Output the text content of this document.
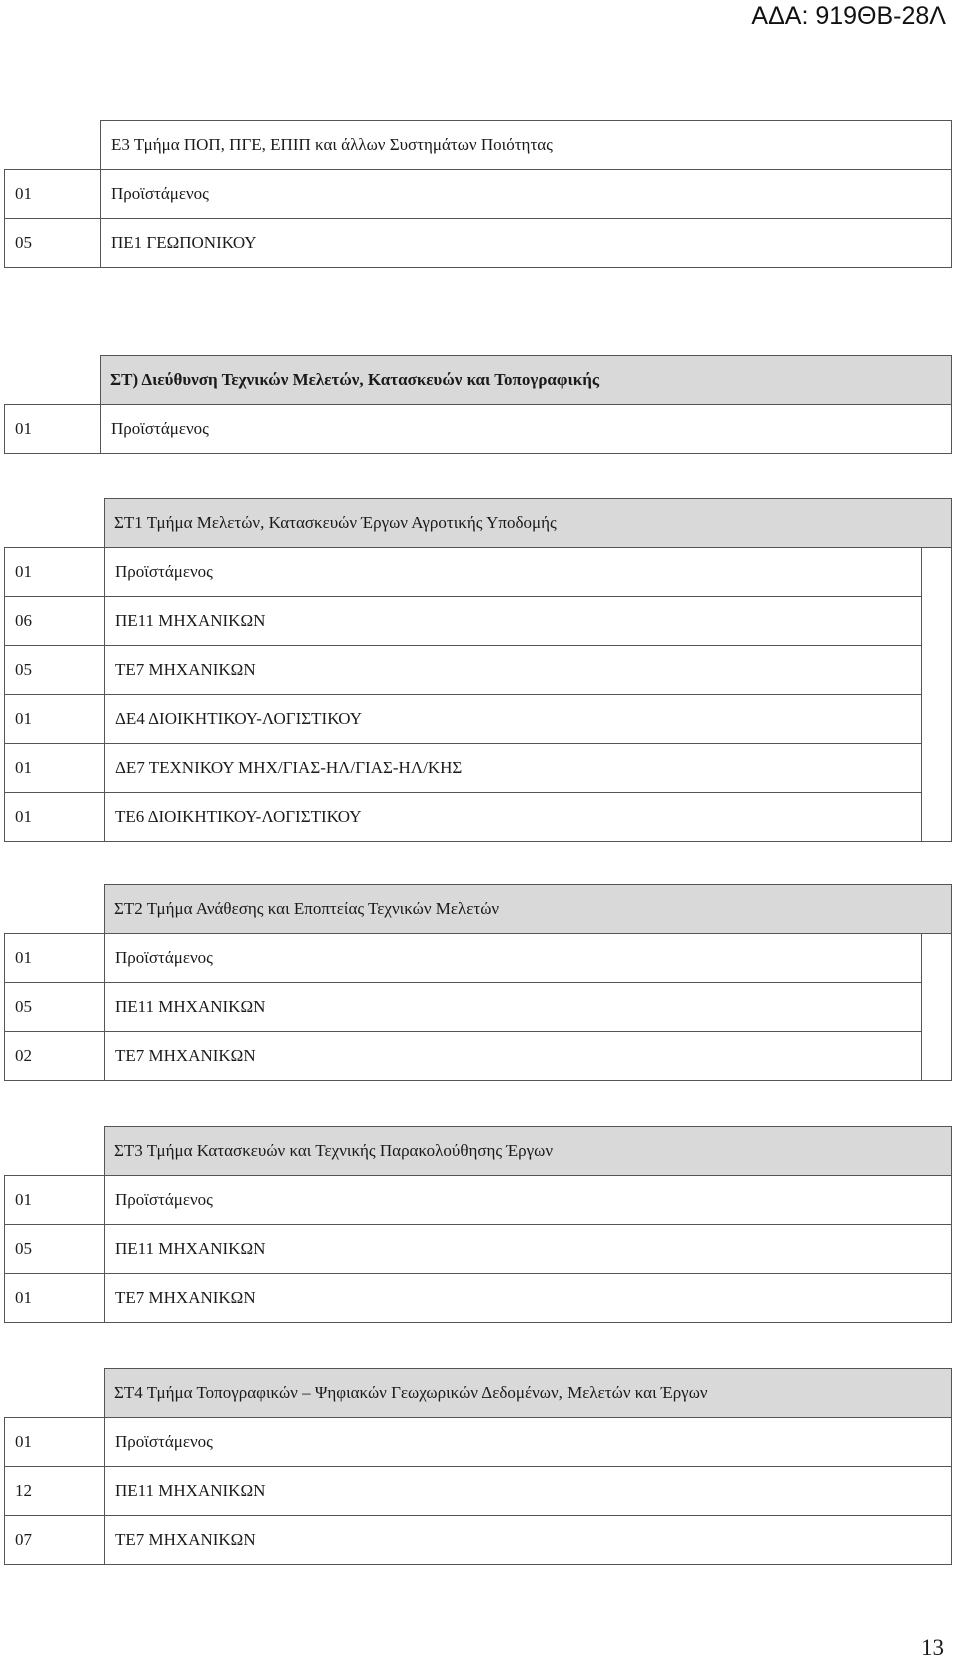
ΑΔΑ: 919ΘΒ-28Λ
	Ε3 Τμήμα ΠΟΠ, ΠΓΕ, ΕΠΙΠ και άλλων Συστημάτων Ποιότητας
01	Προϊστάμενος
05	ΠΕ1 ΓΕΩΠΟΝΙΚΟΥ
	ΣΤ) Διεύθυνση Τεχνικών Μελετών, Κατασκευών και Τοπογραφικής
01	Προϊστάμενος
	ΣΤ1 Τμήμα Μελετών, Κατασκευών Έργων Αγροτικής Υποδομής	
01	Προϊστάμενος	
06	ΠΕ11 ΜΗΧΑΝΙΚΩΝ	
05	ΤΕ7 ΜΗΧΑΝΙΚΩΝ	
01	ΔΕ4 ΔΙΟΙΚΗΤΙΚΟΥ-ΛΟΓΙΣΤΙΚΟΥ	
01	ΔΕ7 ΤΕΧΝΙΚΟΥ ΜΗΧ/ΓΙΑΣ-ΗΛ/ΓΙΑΣ-ΗΛ/ΚΗΣ	
01	ΤΕ6 ΔΙΟΙΚΗΤΙΚΟΥ-ΛΟΓΙΣΤΙΚΟΥ	
	ΣΤ2 Τμήμα Ανάθεσης και Εποπτείας Τεχνικών Μελετών	
01	Προϊστάμενος	
05	ΠΕ11 ΜΗΧΑΝΙΚΩΝ	
02	ΤΕ7 ΜΗΧΑΝΙΚΩΝ	
	ΣΤ3 Τμήμα Κατασκευών και Τεχνικής Παρακολούθησης Έργων
01	Προϊστάμενος
05	ΠΕ11 ΜΗΧΑΝΙΚΩΝ
01	ΤΕ7 ΜΗΧΑΝΙΚΩΝ
	ΣΤ4 Τμήμα Τοπογραφικών – Ψηφιακών Γεωχωρικών Δεδομένων, Μελετών και Έργων
01	Προϊστάμενος
12	ΠΕ11 ΜΗΧΑΝΙΚΩΝ
07	ΤΕ7 ΜΗΧΑΝΙΚΩΝ
13
